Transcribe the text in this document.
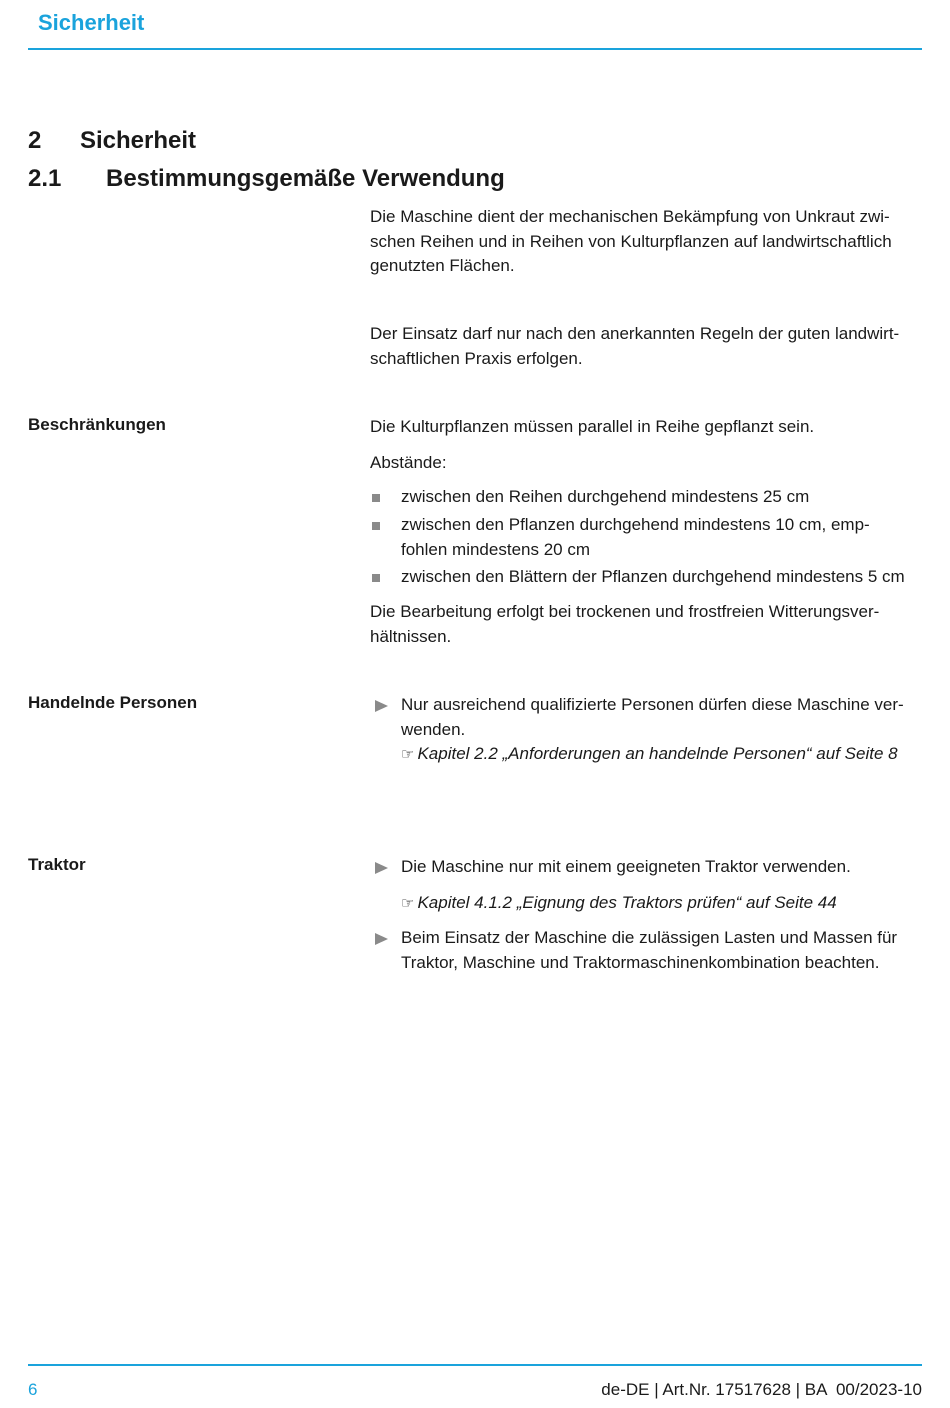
Sicherheit
2 Sicherheit
2.1 Bestimmungsgemäße Verwendung

Die Maschine dient der mechanischen Bekämpfung von Unkraut zwi-
schen Reihen und in Reihen von Kulturpflanzen auf landwirtschaftlich
genutzten Flächen.

Der Einsatz darf nur nach den anerkannten Regeln der guten landwirt-
schaftlichen Praxis erfolgen.

Beschränkungen	Die Kulturpflanzen müssen parallel in Reihe gepflanzt sein.

Abstände:

zwischen den Reihen durchgehend mindestens 25 cm
zwischen den Pflanzen durchgehend mindestens 10 cm, emp-
fohlen mindestens 20 cm
zwischen den Blättern der Pflanzen durchgehend mindestens 5 cm

Die Bearbeitung erfolgt bei trockenen und frostfreien Witterungsver-
hältnissen.

Handelnde Personen	Nur ausreichend qualifizierte Personen dürfen diese Maschine ver-
wenden.
☞ Kapitel 2.2 „Anforderungen an handelnde Personen“ auf Seite 8
Traktor	Die Maschine nur mit einem geeigneten Traktor verwenden.
☞ Kapitel 4.1.2 „Eignung des Traktors prüfen“ auf Seite 44
Beim Einsatz der Maschine die zulässigen Lasten und Massen für
Traktor, Maschine und Traktormaschinenkombination beachten.
6	de-DE | Art.Nr. 17517628 | BA  00/2023-10
